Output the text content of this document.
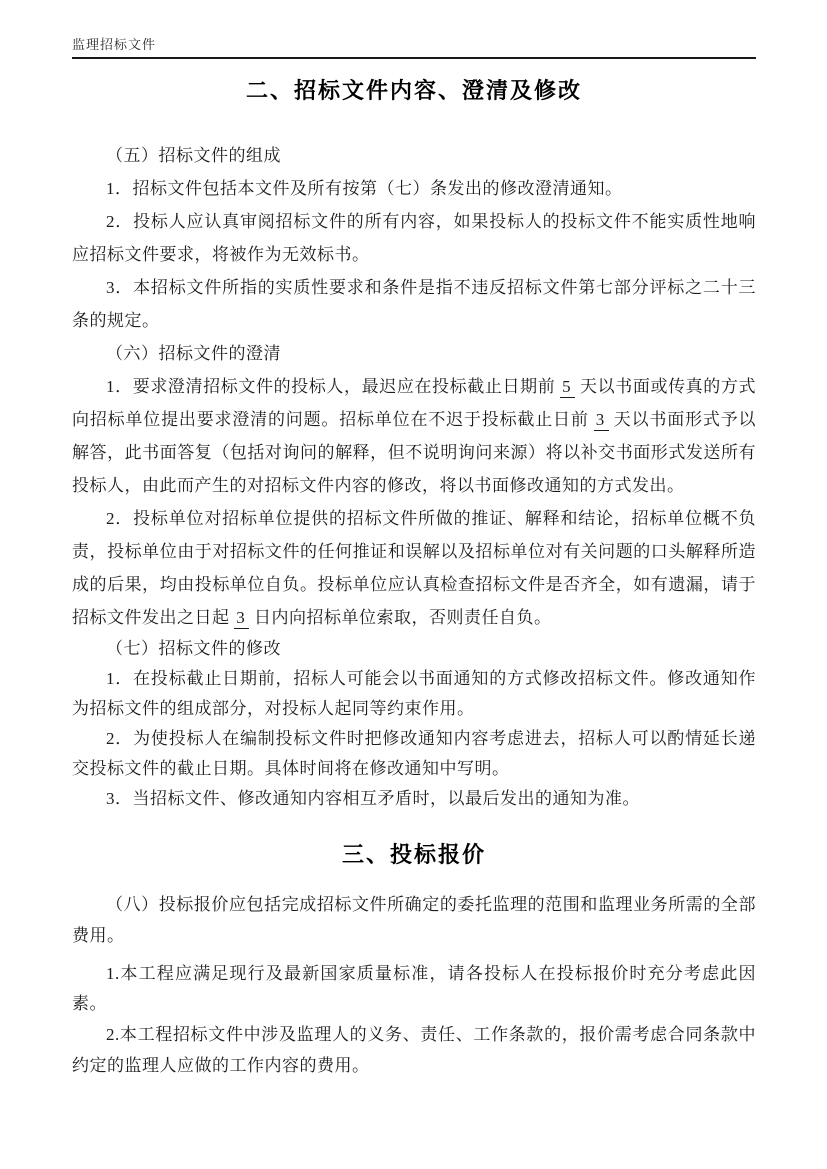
监理招标文件
二、招标文件内容、澄清及修改

（五）招标文件的组成

1．招标文件包括本文件及所有按第（七）条发出的修改澄清通知。

2．投标人应认真审阅招标文件的所有内容，如果投标人的投标文件不能实质性地响应招标文件要求，将被作为无效标书。

3．本招标文件所指的实质性要求和条件是指不违反招标文件第七部分评标之二十三条的规定。

（六）招标文件的澄清

1．要求澄清招标文件的投标人，最迟应在投标截止日期前 5 天以书面或传真的方式向招标单位提出要求澄清的问题。招标单位在不迟于投标截止日前 3 天以书面形式予以解答，此书面答复（包括对询问的解释，但不说明询问来源）将以补交书面形式发送所有投标人，由此而产生的对招标文件内容的修改，将以书面修改通知的方式发出。

2．投标单位对招标单位提供的招标文件所做的推证、解释和结论，招标单位概不负责，投标单位由于对招标文件的任何推证和误解以及招标单位对有关问题的口头解释所造成的后果，均由投标单位自负。投标单位应认真检查招标文件是否齐全，如有遗漏，请于招标文件发出之日起 3 日内向招标单位索取，否则责任自负。

（七）招标文件的修改

1．在投标截止日期前，招标人可能会以书面通知的方式修改招标文件。修改通知作为招标文件的组成部分，对投标人起同等约束作用。

2．为使投标人在编制投标文件时把修改通知内容考虑进去，招标人可以酌情延长递交投标文件的截止日期。具体时间将在修改通知中写明。

3．当招标文件、修改通知内容相互矛盾时，以最后发出的通知为准。

三、投标报价

（八）投标报价应包括完成招标文件所确定的委托监理的范围和监理业务所需的全部费用。

1.本工程应满足现行及最新国家质量标准，请各投标人在投标报价时充分考虑此因素。

2.本工程招标文件中涉及监理人的义务、责任、工作条款的，报价需考虑合同条款中约定的监理人应做的工作内容的费用。
